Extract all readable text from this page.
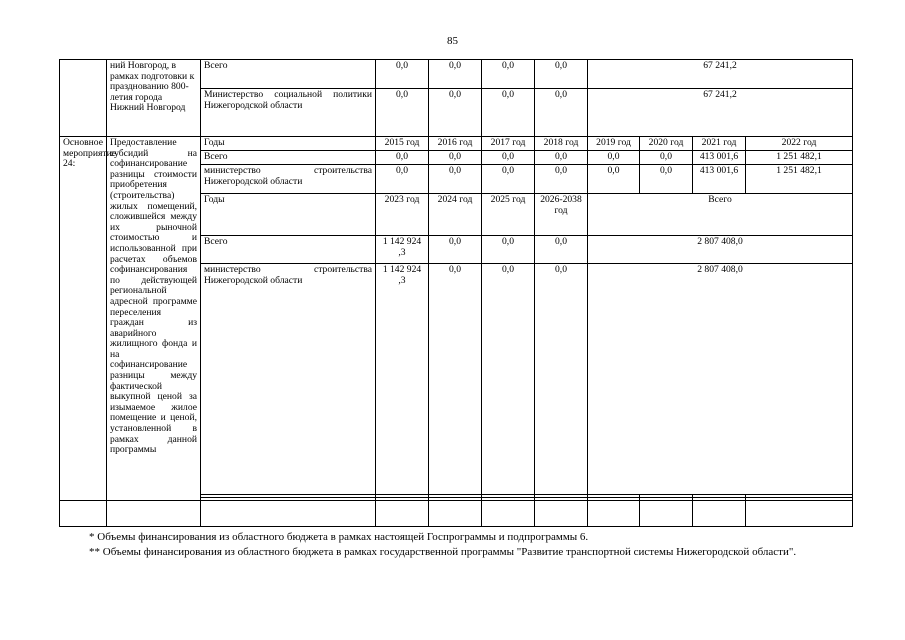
85
	ний Новгород, в рамках подготовки к празднованию 800-летия города Нижний Новгород	Всего	0,0	0,0	0,0	0,0	67 241,2			
		Министерство социальной политики Нижегородской области	0,0	0,0	0,0	0,0	67 241,2			
Основное мероприятие 24:	Предоставление субсидий на софинансирование разницы стоимости приобретения (строительства) жилых помещений, сложившейся между их рыночной стоимостью и использованной при расчетах объемов софинансирования по действующей региональной адресной программе переселения граждан из аварийного жилищного фонда и на софинансирование разницы между фактической выкупной ценой за изымаемое жилое помещение и ценой, установленной в рамках данной программы	Годы	2015 год	2016 год	2017 год	2018 год	2019 год	2020 год	2021 год	2022 год
		Всего	0,0	0,0	0,0	0,0	0,0	0,0	413 001,6	1 251 482,1
		министерство строительства Нижегородской области	0,0	0,0	0,0	0,0	0,0	0,0	413 001,6	1 251 482,1
		Годы	2023 год	2024 год	2025 год	2026-2038 год	Всего			
		Всего	1 142 924 ,3	0,0	0,0	0,0	2 807 408,0			
		министерство строительства Нижегородской области	1 142 924 ,3	0,0	0,0	0,0	2 807 408,0			

* Объемы финансирования из областного бюджета в рамках настоящей Госпрограммы и подпрограммы 6.
** Объемы финансирования из областного бюджета в рамках государственной программы "Развитие транспортной системы Нижегородской области".
